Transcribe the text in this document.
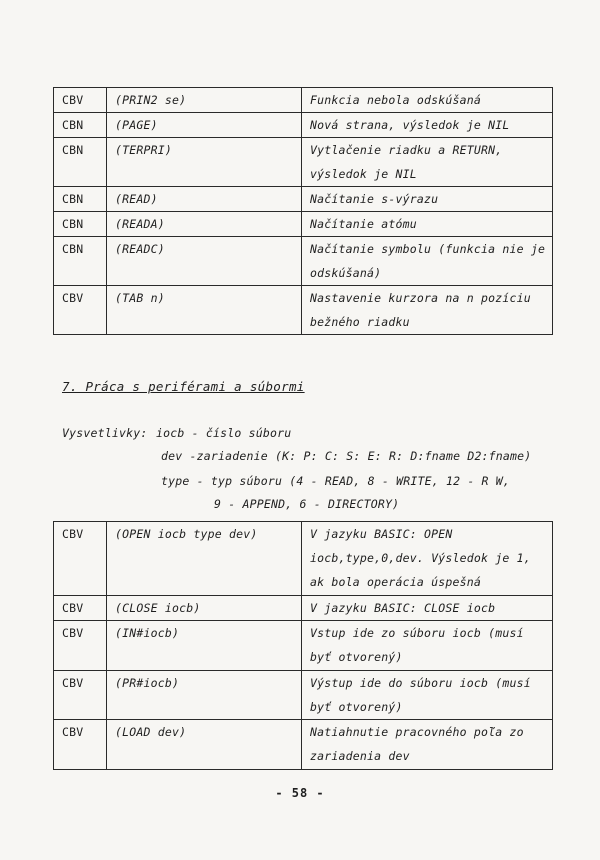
CBV	(PRIN2 se)	Funkcia nebola odskúšaná
CBN	(PAGE)	Nová strana, výsledok je NIL
CBN	(TERPRI)	Vytlačenie riadku a RETURN, výsledok je NIL
CBN	(READ)	Načítanie s-výrazu
CBN	(READA)	Načítanie atómu
CBN	(READC)	Načítanie symbolu (funkcia nie je odskúšaná)
CBV	(TAB n)	Nastavenie kurzora na n pozíciu bežného riadku
7. Práca s periférami a súbormi
Vysvetlivky: iocb - číslo súboru
dev -zariadenie (K: P: C: S: E: R: D:fname D2:fname)
type - typ súboru (4 - READ, 8 - WRITE, 12 - R W,
9 - APPEND, 6 - DIRECTORY)
CBV	(OPEN iocb type dev)	V jazyku BASIC: OPEN iocb,type,0,dev. Výsledok je 1, ak bola operácia úspešná
CBV	(CLOSE iocb)	V jazyku BASIC: CLOSE iocb
CBV	(IN#iocb)	Vstup ide zo súboru iocb (musí byť otvorený)
CBV	(PR#iocb)	Výstup ide do súboru iocb (musí byť otvorený)
CBV	(LOAD dev)	Natiahnutie pracovného poľa zo zariadenia dev
- 58 -
